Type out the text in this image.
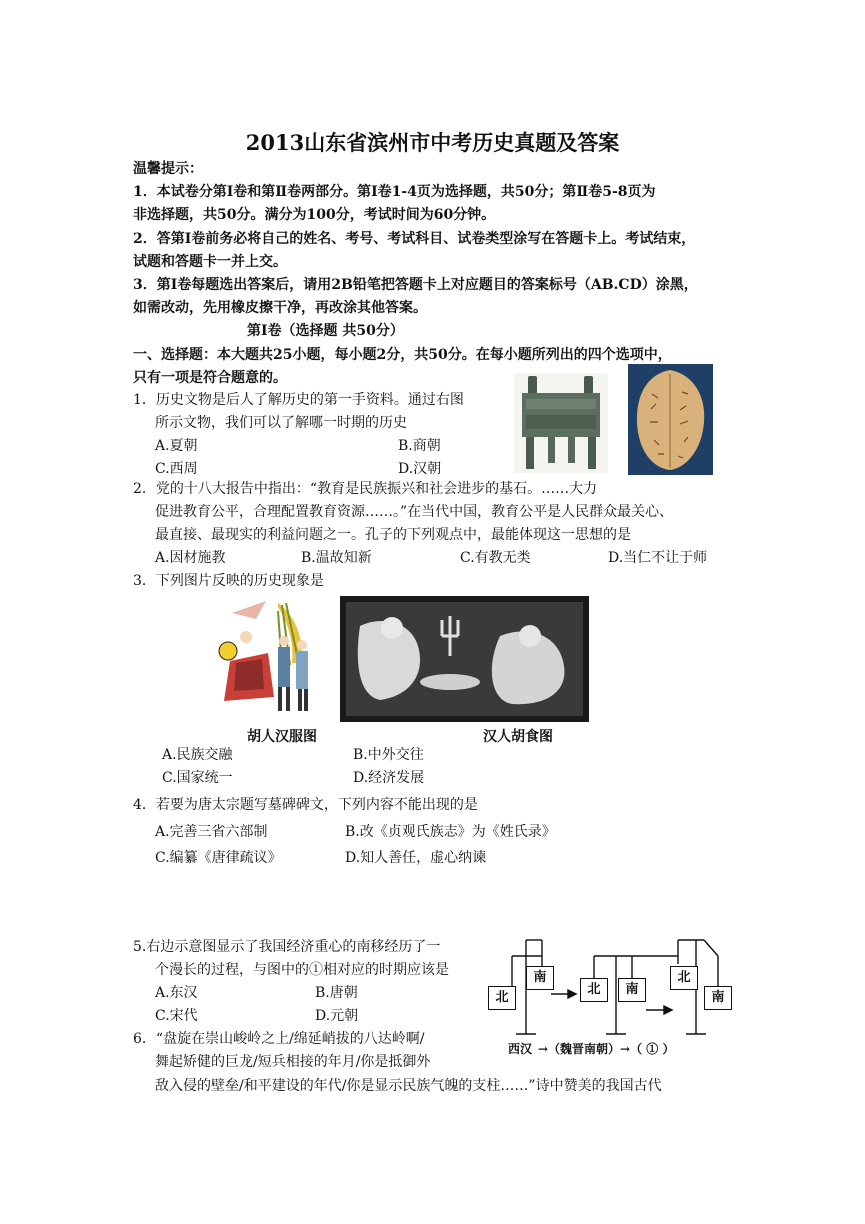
2013山东省滨州市中考历史真题及答案
温馨提示：
1．本试卷分第Ⅰ卷和第Ⅱ卷两部分。第Ⅰ卷1-4页为选择题，共50分；第Ⅱ卷5-8页为
非选择题，共50分。满分为100分，考试时间为60分钟。
2．答第Ⅰ卷前务必将自己的姓名、考号、考试科目、试卷类型涂写在答题卡上。考试结束，
试题和答题卡一并上交。
3．第Ⅰ卷每题选出答案后，请用2B铅笔把答题卡上对应题目的答案标号（AB.CD）涂黑，
如需改动，先用橡皮擦干净，再改涂其他答案。
第Ⅰ卷（选择题 共50分）
一、选择题：本大题共25小题，每小题2分，共50分。在每小题所列出的四个选项中，
只有一项是符合题意的。
1．历史文物是后人了解历史的第一手资料。通过右图
所示文物，我们可以了解哪一时期的历史
A.夏朝	B.商朝
C.西周	D.汉朝
2．党的十八大报告中指出：“教育是民族振兴和社会进步的基石。……大力
促进教育公平，合理配置教育资源……。”在当代中国，教育公平是人民群众最关心、
最直接、最现实的利益问题之一。孔子的下列观点中，最能体现这一思想的是
A.因材施教	B.温故知新	C.有教无类	D.当仁不让于师
3．下列图片反映的历史现象是
胡人汉服图	汉人胡食图
A.民族交融	B.中外交往
C.国家统一	D.经济发展
4．若要为唐太宗题写墓碑碑文，下列内容不能出现的是
A.完善三省六部制	B.改《贞观氏族志》为《姓氏录》
C.编纂《唐律疏议》	D.知人善任，虚心纳谏
5.右边示意图显示了我国经济重心的南移经历了一
个漫长的过程，与图中的①相对应的时期应该是
A.东汉	B.唐朝
C.宋代	D.元朝
北
南
北	南
北
南
西汉 →（魏晋南朝）→（ ① ）
6．“盘旋在崇山峻岭之上/绵延峭拔的八达岭啊/
舞起矫健的巨龙/短兵相接的年月/你是抵御外
敌入侵的壁垒/和平建设的年代/你是显示民族气魄的支柱……”诗中赞美的我国古代
